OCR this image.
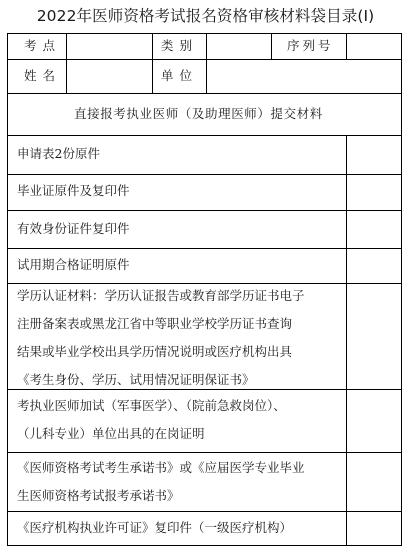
2022年医师资格考试报名资格审核材料袋目录(I)
考点	类别	序列号
姓名	单位
直接报考执业医师（及助理医师）提交材料
申请表2份原件
毕业证原件及复印件
有效身份证件复印件
试用期合格证明原件
学历认证材料：学历认证报告或教育部学历证书电子
注册备案表或黑龙江省中等职业学校学历证书查询
结果或毕业学校出具学历情况说明或医疗机构出具
《考生身份、学历、试用情况证明保证书》
考执业医师加试（军事医学）、（院前急救岗位）、
（儿科专业）单位出具的在岗证明
《医师资格考试考生承诺书》或《应届医学专业毕业
生医师资格考试报考承诺书》
《医疗机构执业许可证》复印件（一级医疗机构）
